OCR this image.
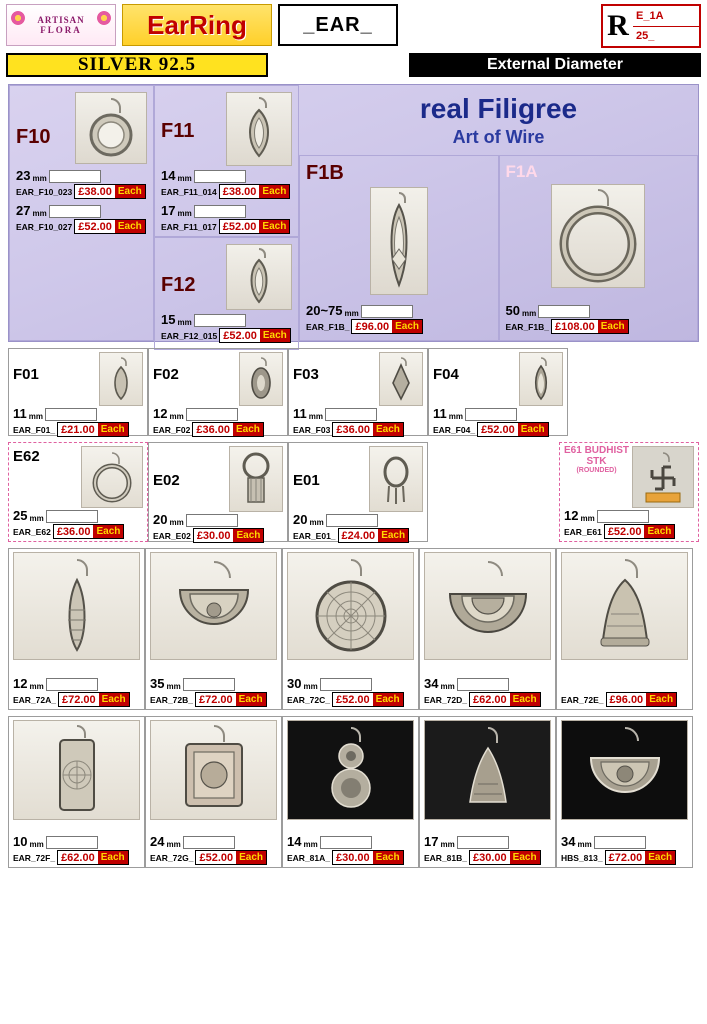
ARTISAN
FLORA	EarRing	_EAR_	R E_1A
25_
SILVER 92.5	External Diameter
F10
23 mm
EAR_F10_023 £38.00 Each
27 mm
EAR_F10_027 £52.00 Each
F11
14 mm
EAR_F11_014 £38.00 Each
17 mm
EAR_F11_017 £52.00 Each
F12
15 mm
EAR_F12_015 £52.00 Each
real Filigree
Art of Wire
F1B
20~75 mm
EAR_F1B_ £96.00 Each
F1A
50 mm
EAR_F1B_ £108.00 Each
F01
11 mm
EAR_F01_ £21.00 Each
F02
12 mm
EAR_F02 £36.00 Each
F03
11 mm
EAR_F03 £36.00 Each
F04
11 mm
EAR_F04_ £52.00 Each
E62
25 mm
EAR_E62 £36.00 Each
E02
20 mm
EAR_E02 £30.00 Each
E01
20 mm
EAR_E01_ £24.00 Each
E61 BUDHIST
STK
(ROUNDED)
12 mm
EAR_E61 £52.00 Each
12 mm
EAR_72A_ £72.00 Each
35 mm
EAR_72B_ £72.00 Each
30 mm
EAR_72C_ £52.00 Each
34 mm
EAR_72D_ £62.00 Each	EAR_72E_ £96.00 Each
10 mm
EAR_72F_ £62.00 Each
24 mm
EAR_72G_ £52.00 Each
14 mm
EAR_81A_ £30.00 Each
17 mm
EAR_81B_ £30.00 Each
34 mm
HBS_813_ £72.00 Each
